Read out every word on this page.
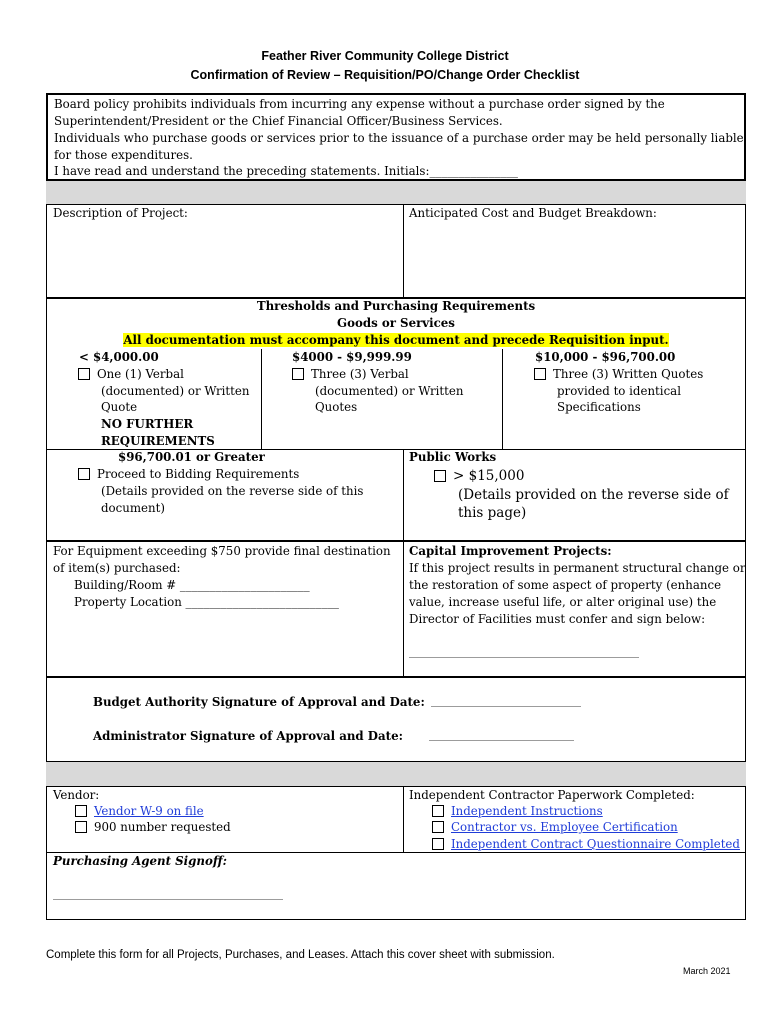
Feather River Community College District
Confirmation of Review – Requisition/PO/Change Order Checklist
Board policy prohibits individuals from incurring any expense without a purchase order signed by the
Superintendent/President or the Chief Financial Officer/Business Services.
Individuals who purchase goods or services prior to the issuance of a purchase order may be held personally liable
for those expenditures.
I have read and understand the preceding statements. Initials:_______________
Description of Project:	Anticipated Cost and Budget Breakdown:
Thresholds and Purchasing Requirements
Goods or Services
All documentation must accompany this document and precede Requisition input.
< $4,000.00
One (1) Verbal
(documented) or Written
Quote
NO FURTHER
REQUIREMENTS
$4000 - $9,999.99
Three (3) Verbal
(documented) or Written
Quotes
$10,000 - $96,700.00
Three (3) Written Quotes
provided to identical
Specifications
$96,700.01 or Greater
Proceed to Bidding Requirements
(Details provided on the reverse side of this
document)
Public Works
> $15,000
(Details provided on the reverse side of
this page)
For Equipment exceeding $750 provide final destination
of item(s) purchased:
Building/Room # ______________________
Property Location __________________________
Capital Improvement Projects:
If this project results in permanent structural change or
the restoration of some aspect of property (enhance
value, increase useful life, or alter original use) the
Director of Facilities must confer and sign below:
______________________________________________
Budget Authority Signature of Approval and Date: ______________________________
Administrator Signature of Approval and Date:	_____________________________
Vendor:
Vendor W-9 on file
900 number requested
Independent Contractor Paperwork Completed:
Independent Instructions
Contractor vs. Employee Certification
Independent Contract Questionnaire Completed
Purchasing Agent Signoff:
______________________________________________
Complete this form for all Projects, Purchases, and Leases. Attach this cover sheet with submission.
March 2021
